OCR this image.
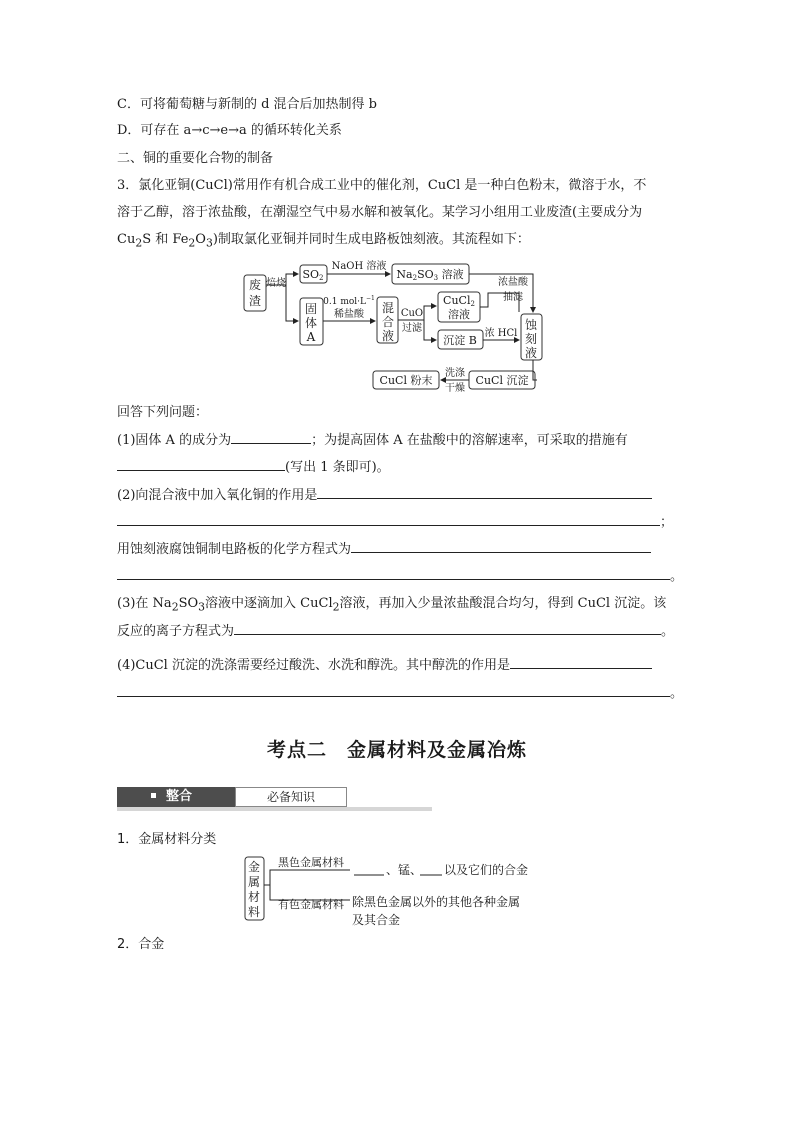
C．可将葡萄糖与新制的 d 混合后加热制得 b
D．可存在 a→c→e→a 的循环转化关系
二、铜的重要化合物的制备
3．氯化亚铜(CuCl)常用作有机合成工业中的催化剂，CuCl 是一种白色粉末，微溶于水，不
溶于乙醇，溶于浓盐酸，在潮湿空气中易水解和被氧化。某学习小组用工业废渣(主要成分为
$Cu_2S$ 和 $Fe_2O_3$)制取氯化亚铜并同时生成电路板蚀刻液。其流程如下：
废
渣
焙烧
SO2
NaOH 溶液
Na2SO3 溶液
浓盐酸
抽滤
固
体
A
0.1 $mol\cdot L^{-1}$
稀盐酸 混
合
液
CuO
过滤
CuCl2
溶液
沉淀 B
浓 HCl
蚀
刻
液
CuCl 沉淀
洗涤
干燥
CuCl 粉末
回答下列问题：
(1)固体 A 的成分为	；为提高固体 A 在盐酸中的溶解速率，可采取的措施有
(写出 1 条即可)。
(2)向混合液中加入氧化铜的作用是
；
用蚀刻液腐蚀铜制电路板的化学方程式为
。
(3)在 $Na_2SO_3$溶液中逐滴加入 CuCl$_2$溶液，再加入少量浓盐酸混合均匀，得到 CuCl 沉淀。该
反应的离子方程式为	。
(4)CuCl 沉淀的洗涤需要经过酸洗、水洗和醇洗。其中醇洗的作用是
。
考点二　金属材料及金属冶炼
整合	必备知识
1．金属材料分类
金
属
材
料
黑色金属材料
有色金属材料
、锰、 以及它们的合金
除黑色金属以外的其他各种金属
及其合金
2．合金
